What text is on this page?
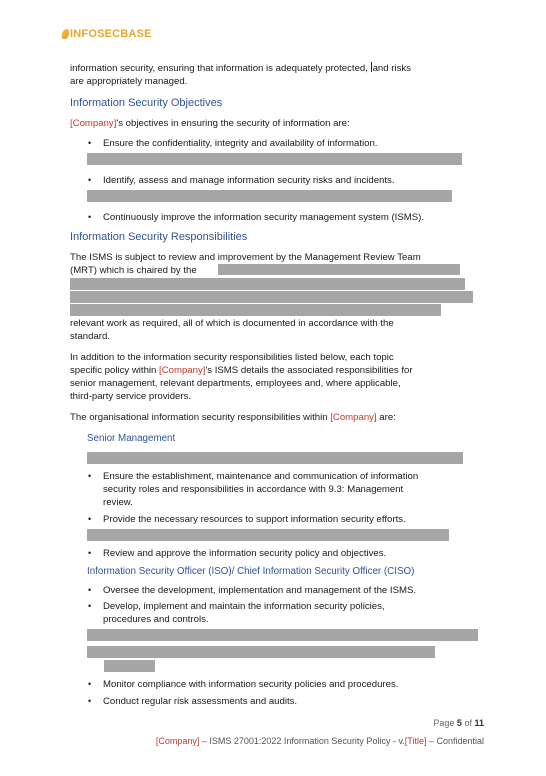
INFOSECBASE

information security, ensuring that information is adequately protected, and risks
are appropriately managed.

Information Security Objectives

[Company]'s objectives in ensuring the security of information are:

• Ensure the confidentiality, integrity and availability of information.

• Identify, assess and manage information security risks and incidents.

• Continuously improve the information security management system (ISMS).

Information Security Responsibilities

The ISMS is subject to review and improvement by the Management Review Team

(MRT) which is chaired by the

relevant work as required, all of which is documented in accordance with the

standard.

In addition to the information security responsibilities listed below, each topic

specific policy within [Company]'s ISMS details the associated responsibilities for

senior management, relevant departments, employees and, where applicable,

third-party service providers.

The organisational information security responsibilities within [Company] are:

Senior Management

• Ensure the establishment, maintenance and communication of information

security roles and responsibilities in accordance with 9.3: Management

review.

• Provide the necessary resources to support information security efforts.

• Review and approve the information security policy and objectives.

Information Security Officer (ISO)/ Chief Information Security Officer (CISO)

• Oversee the development, implementation and management of the ISMS.

• Develop, implement and maintain the information security policies,

procedures and controls.

• Monitor compliance with information security policies and procedures.

• Conduct regular risk assessments and audits.

Page 5 of 11
[Company] – ISMS 27001:2022 Information Security Policy - v.[Title] – Confidential
